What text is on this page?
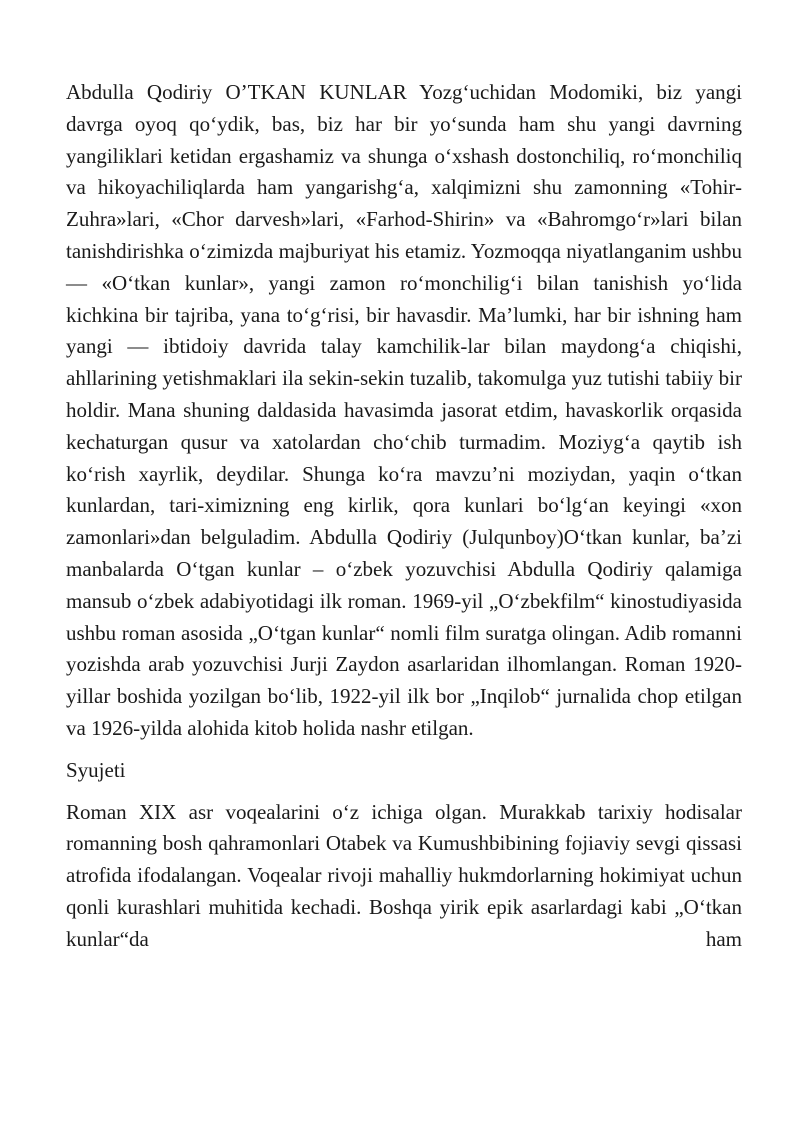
Abdulla Qodiriy O’TKAN KUNLAR Yozg‘uchidan Modomiki, biz yangi davrga oyoq qo‘ydik, bas, biz har bir yo‘sunda ham shu yangi davrning yangiliklari ketidan ergashamiz va shunga o‘xshash dostonchiliq, ro‘monchiliq va hikoyachiliqlarda ham yangarishg‘a, xalqimizni shu zamonning «Tohir-Zuhra»lari, «Chor darvesh»lari, «Farhod-Shirin» va «Bahromgo‘r»lari bilan tanishdirishka o‘zimizda majburiyat his etamiz. Yozmoqqa niyatlanganim ushbu — «O‘tkan kunlar», yangi zamon ro‘monchilig‘i bilan tanishish yo‘lida kichkina bir tajriba, yana to‘g‘risi, bir havasdir. Ma’lumki, har bir ishning ham yangi — ibtidoiy davrida talay kamchilik-lar bilan maydong‘a chiqishi, ahllarining yetishmaklari ila sekin-sekin tuzalib, takomulga yuz tutishi tabiiy bir holdir. Mana shuning daldasida havasimda jasorat etdim, havaskorlik orqasida kechaturgan qusur va xatolardan cho‘chib turmadim. Moziyg‘a qaytib ish ko‘rish xayrlik, deydilar. Shunga ko‘ra mavzu’ni moziydan, yaqin o‘tkan kunlardan, tari-ximizning eng kirlik, qora kunlari bo‘lg‘an keyingi «xon zamonlari»dan belguladim. Abdulla Qodiriy (Julqunboy)O‘tkan kunlar, ba’zi manbalarda O‘tgan kunlar – o‘zbek yozuvchisi Abdulla Qodiriy qalamiga mansub o‘zbek adabiyotidagi ilk roman. 1969-yil „O‘zbekfilm“ kinostudiyasida ushbu roman asosida „O‘tgan kunlar“ nomli film suratga olingan. Adib romanni yozishda arab yozuvchisi Jurji Zaydon asarlaridan ilhomlangan. Roman 1920-yillar boshida yozilgan bo‘lib, 1922-yil ilk bor „Inqilob“ jurnalida chop etilgan va 1926-yilda alohida kitob holida nashr etilgan.

Syujeti

Roman XIX asr voqealarini o‘z ichiga olgan. Murakkab tarixiy hodisalar romanning bosh qahramonlari Otabek va Kumushbibining fojiaviy sevgi qissasi atrofida ifodalangan. Voqealar rivoji mahalliy hukmdorlarning hokimiyat uchun qonli kurashlari muhitida kechadi. Boshqa yirik epik asarlardagi kabi „O‘tkan kunlar“da ham
